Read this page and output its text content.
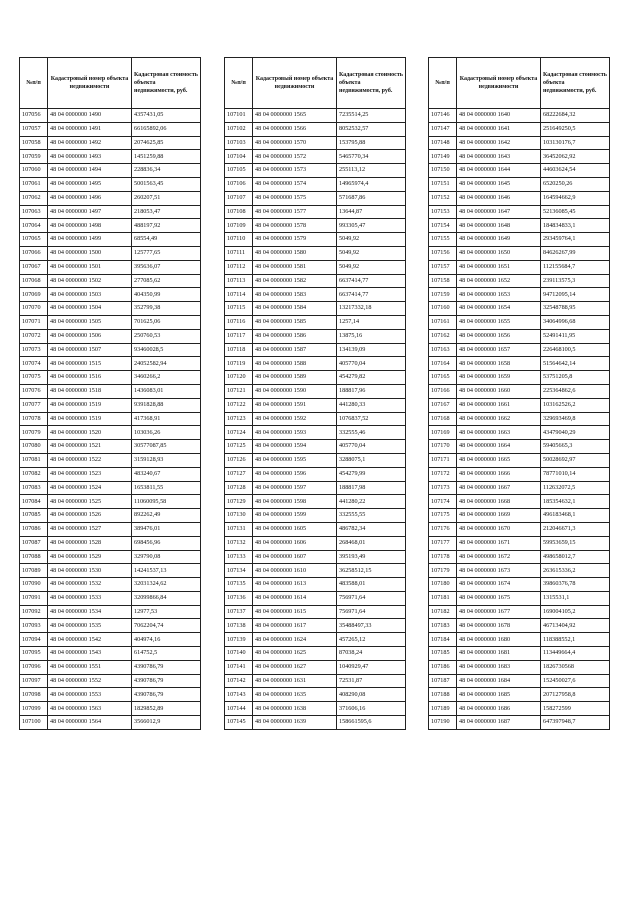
№п/п	Кадастровый номер объекта недвижимости	Кадастровая стоимость объекта недвижимости, руб.
107056	48 04 0000000 1490	4357431,05
107057	48 04 0000000 1491	66165892,06
107058	48 04 0000000 1492	2074625,85
107059	48 04 0000000 1493	1451259,88
107060	48 04 0000000 1494	228836,34
107061	48 04 0000000 1495	5001563,45
107062	48 04 0000000 1496	260207,51
107063	48 04 0000000 1497	218053,47
107064	48 04 0000000 1498	488197,92
107065	48 04 0000000 1499	68554,49
107066	48 04 0000000 1500	125777,65
107067	48 04 0000000 1501	395636,07
107068	48 04 0000000 1502	277085,62
107069	48 04 0000000 1503	404350,99
107070	48 04 0000000 1504	352799,38
107071	48 04 0000000 1505	701625,06
107072	48 04 0000000 1506	250760,53
107073	48 04 0000000 1507	93460028,5
107074	48 04 0000000 1515	24052582,94
107075	48 04 0000000 1516	3460266,2
107076	48 04 0000000 1518	1436083,01
107077	48 04 0000000 1519	9391828,88
107078	48 04 0000000 1519	417368,91
107079	48 04 0000000 1520	103036,26
107080	48 04 0000000 1521	30577087,85
107081	48 04 0000000 1522	3159128,93
107082	48 04 0000000 1523	483240,67
107083	48 04 0000000 1524	1653811,55
107084	48 04 0000000 1525	11060095,58
107085	48 04 0000000 1526	892262,49
107086	48 04 0000000 1527	389476,01
107087	48 04 0000000 1528	698456,96
107088	48 04 0000000 1529	329790,08
107089	48 04 0000000 1530	14241537,13
107090	48 04 0000000 1532	32031324,62
107091	48 04 0000000 1533	32099866,84
107092	48 04 0000000 1534	12977,53
107093	48 04 0000000 1535	7062204,74
107094	48 04 0000000 1542	404974,16
107095	48 04 0000000 1543	614752,5
107096	48 04 0000000 1551	4390786,79
107097	48 04 0000000 1552	4390786,79
107098	48 04 0000000 1553	4390786,79
107099	48 04 0000000 1563	1829852,89
107100	48 04 0000000 1564	3566012,9
№п/п	Кадастровый номер объекта недвижимости	Кадастровая стоимость объекта недвижимости, руб.
107101	48 04 0000000 1565	7235514,25
107102	48 04 0000000 1566	8052532,57
107103	48 04 0000000 1570	153795,88
107104	48 04 0000000 1572	5465770,34
107105	48 04 0000000 1573	255113,12
107106	48 04 0000000 1574	14965974,4
107107	48 04 0000000 1575	571687,86
107108	48 04 0000000 1577	13644,87
107109	48 04 0000000 1578	993305,47
107110	48 04 0000000 1579	5049,92
107111	48 04 0000000 1580	5049,92
107112	48 04 0000000 1581	5049,92
107113	48 04 0000000 1582	6637414,77
107114	48 04 0000000 1583	6637414,77
107115	48 04 0000000 1584	13217332,18
107116	48 04 0000000 1585	1257,14
107117	48 04 0000000 1586	13875,16
107118	48 04 0000000 1587	134139,09
107119	48 04 0000000 1588	405770,04
107120	48 04 0000000 1589	454279,82
107121	48 04 0000000 1590	188817,96
107122	48 04 0000000 1591	441280,33
107123	48 04 0000000 1592	1076837,52
107124	48 04 0000000 1593	332555,46
107125	48 04 0000000 1594	405770,04
107126	48 04 0000000 1595	3288075,1
107127	48 04 0000000 1596	454279,99
107128	48 04 0000000 1597	188817,98
107129	48 04 0000000 1598	441280,22
107130	48 04 0000000 1599	332555,55
107131	48 04 0000000 1605	486782,34
107132	48 04 0000000 1606	268468,01
107133	48 04 0000000 1607	395193,49
107134	48 04 0000000 1610	36258512,15
107135	48 04 0000000 1613	483588,01
107136	48 04 0000000 1614	756971,64
107137	48 04 0000000 1615	756971,64
107138	48 04 0000000 1617	35488497,33
107139	48 04 0000000 1624	457265,12
107140	48 04 0000000 1625	87038,24
107141	48 04 0000000 1627	1040929,47
107142	48 04 0000000 1631	72531,87
107143	48 04 0000000 1635	408290,08
107144	48 04 0000000 1638	371606,16
107145	48 04 0000000 1639	158661595,6
№п/п	Кадастровый номер объекта недвижимости	Кадастровая стоимость объекта недвижимости, руб.
107146	48 04 0000000 1640	68222684,32
107147	48 04 0000000 1641	251649250,5
107148	48 04 0000000 1642	103130176,7
107149	48 04 0000000 1643	36452062,92
107150	48 04 0000000 1644	44603624,54
107151	48 04 0000000 1645	6520250,26
107152	48 04 0000000 1646	164594662,9
107153	48 04 0000000 1647	52136085,45
107154	48 04 0000000 1648	184834833,1
107155	48 04 0000000 1649	293459764,1
107156	48 04 0000000 1650	84626267,99
107157	48 04 0000000 1651	112155684,7
107158	48 04 0000000 1652	239113575,3
107159	48 04 0000000 1653	94712095,14
107160	48 04 0000000 1654	32548788,95
107161	48 04 0000000 1655	34064996,68
107162	48 04 0000000 1656	52491411,95
107163	48 04 0000000 1657	226468100,5
107164	48 04 0000000 1658	51564642,14
107165	48 04 0000000 1659	53751205,8
107166	48 04 0000000 1660	225364862,6
107167	48 04 0000000 1661	103162526,2
107168	48 04 0000000 1662	329693469,8
107169	48 04 0000000 1663	43479040,29
107170	48 04 0000000 1664	59405665,3
107171	48 04 0000000 1665	50028692,97
107172	48 04 0000000 1666	78771010,14
107173	48 04 0000000 1667	112632072,5
107174	48 04 0000000 1668	185354632,1
107175	48 04 0000000 1669	496183468,1
107176	48 04 0000000 1670	212046671,3
107177	48 04 0000000 1671	59953659,15
107178	48 04 0000000 1672	498658012,7
107179	48 04 0000000 1673	263615336,2
107180	48 04 0000000 1674	39860376,78
107181	48 04 0000000 1675	1315531,1
107182	48 04 0000000 1677	169004105,2
107183	48 04 0000000 1678	46713404,92
107184	48 04 0000000 1680	118388552,1
107185	48 04 0000000 1681	113449664,4
107186	48 04 0000000 1683	1826730568
107187	48 04 0000000 1684	152450027,6
107188	48 04 0000000 1685	207127958,8
107189	48 04 0000000 1686	158272599
107190	48 04 0000000 1687	647397948,7
